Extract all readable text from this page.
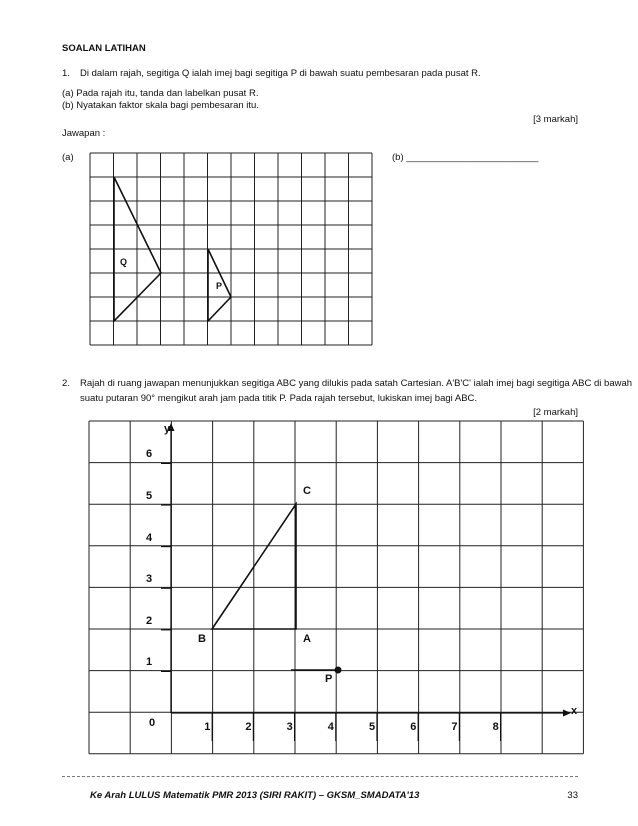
SOALAN LATIHAN
1. Di dalam rajah, segitiga Q ialah imej bagi segitiga P di bawah suatu pembesaran pada pusat R.
(a) Pada rajah itu, tanda dan labelkan pusat R.
(b) Nyatakan faktor skala bagi pembesaran itu.
[3 markah]
Jawapan :
(a)	(b) _________________________
Q
P
2. Rajah di ruang jawapan menunjukkan segitiga ABC yang dilukis pada satah Cartesian. A'B'C' ialah imej bagi segitiga ABC di bawah
suatu putaran 90° mengikut arah jam pada titik P. Pada rajah tersebut, lukiskan imej bagi ABC.
[2 markah]
y
x
0	1	2	3	4	5	6	7	8
1
2
3
4
5
6
A
B
C
P
Ke Arah LULUS Matematik PMR 2013 (SIRI RAKIT) – GKSM_SMADATA'13	33
